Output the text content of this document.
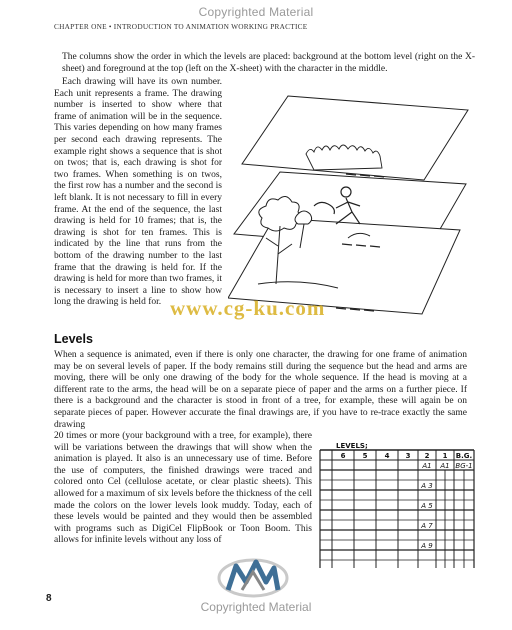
Copyrighted Material
CHAPTER ONE • INTRODUCTION TO ANIMATION WORKING PRACTICE

The columns show the order in which the levels are placed: background at the bottom level (right on the X-sheet) and foreground at the top (left on the X-sheet) with the character in the middle.

Each drawing will have its own number. Each unit represents a frame. The drawing number is inserted to show where that frame of animation will be in the sequence. This varies depending on how many frames per second each drawing represents. The example right shows a sequence that is shot on twos; that is, each drawing is shot for two frames. When something is on twos, the first row has a number and the second is left blank. It is not necessary to fill in every frame. At the end of the sequence, the last drawing is held for 10 frames; that is, the drawing is shot for ten frames. This is indicated by the line that runs from the bottom of the drawing number to the last frame that the drawing is held for. If the drawing is held for more than two frames, it is necessary to insert a line to show how long the drawing is held for. www.cg-ku.com
Levels

When a sequence is animated, even if there is only one character, the drawing for one frame of animation may be on several levels of paper. If the body remains still during the sequence but the head and arms are moving, there will be only one drawing of the body for the whole sequence. If the head is moving at a different rate to the arms, the head will be on a separate piece of paper and the arms on a further piece. If there is a background and the character is stood in front of a tree, for example, these will again be on separate pieces of paper. However accurate the final drawings are, if you have to re-trace exactly the same drawing

20 times or more (your background with a tree, for example), there will be variations between the drawings that will show when the animation is played. It also is an unnecessary use of time. Before the use of computers, the finished drawings were traced and colored onto Cel (cellulose acetate, or clear plastic sheets). This allowed for a maximum of six levels before the thickness of the cell made the colors on the lower levels look muddy. Today, each of these levels would be painted and they would then be assembled with programs such as DigiCel FlipBook or Toon Boom. This allows for infinite levels without any loss of

LEVELS;
6 5 4 3 2 1 B.G.
A1 A1 BG-1
A 3
A 5
A 7
A 9
8
Copyrighted Material
